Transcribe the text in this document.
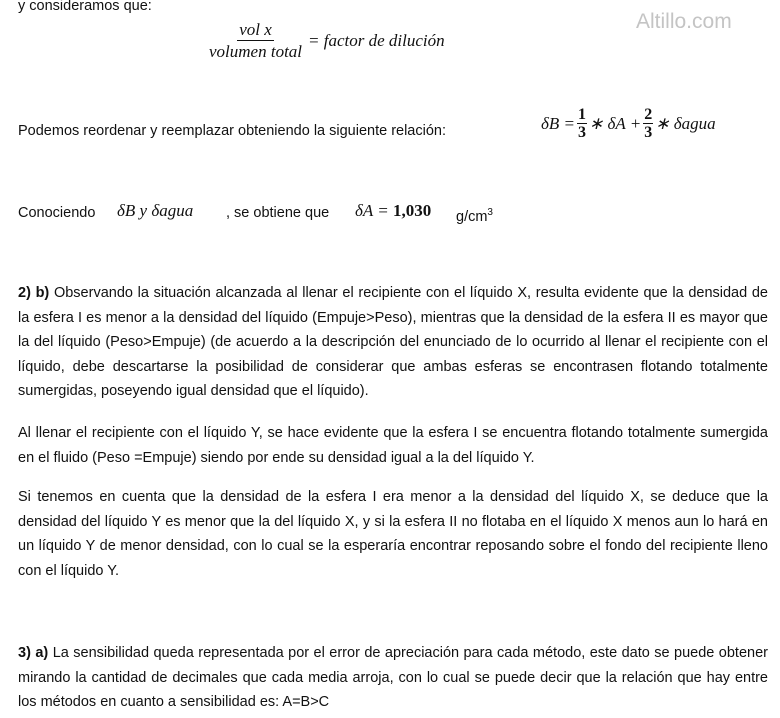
y consideramos que:
Altillo.com
$\frac{\text{vol x}}{\text{volumen total}}$ = factor de dilución
Podemos reordenar y reemplazar obteniendo la siguiente relación:	$\delta B = \frac{1}{3}$ ∗ $\delta A + \frac{2}{3}$ ∗ δagua
Conociendo δB y δagua , se obtiene que δA = 1,030 $g/cm^3$
2) b) Observando la situación alcanzada al llenar el recipiente con el líquido X, resulta evidente que la densidad de la esfera I es menor a la densidad del líquido (Empuje>Peso), mientras que la densidad de la esfera II es mayor que la del líquido (Peso>Empuje) (de acuerdo a la descripción del enunciado de lo ocurrido al llenar el recipiente con el líquido, debe descartarse la posibilidad de considerar que ambas esferas se encontrasen flotando totalmente sumergidas, poseyendo igual densidad que el líquido).
Al llenar el recipiente con el líquido Y, se hace evidente que la esfera I se encuentra flotando totalmente sumergida en el fluido (Peso =Empuje) siendo por ende su densidad igual a la del líquido Y.
Si tenemos en cuenta que la densidad de la esfera I era menor a la densidad del líquido X, se deduce que la densidad del líquido Y es menor que la del líquido X, y si la esfera II no flotaba en el líquido X menos aun lo hará en un líquido Y de menor densidad, con lo cual se la esperaría encontrar reposando sobre el fondo del recipiente lleno con el líquido Y.
3) a) La sensibilidad queda representada por el error de apreciación para cada método, este dato se puede obtener mirando la cantidad de decimales que cada media arroja, con lo cual se puede decir que la relación que hay entre los métodos en cuanto a sensibilidad es: A=B>C
